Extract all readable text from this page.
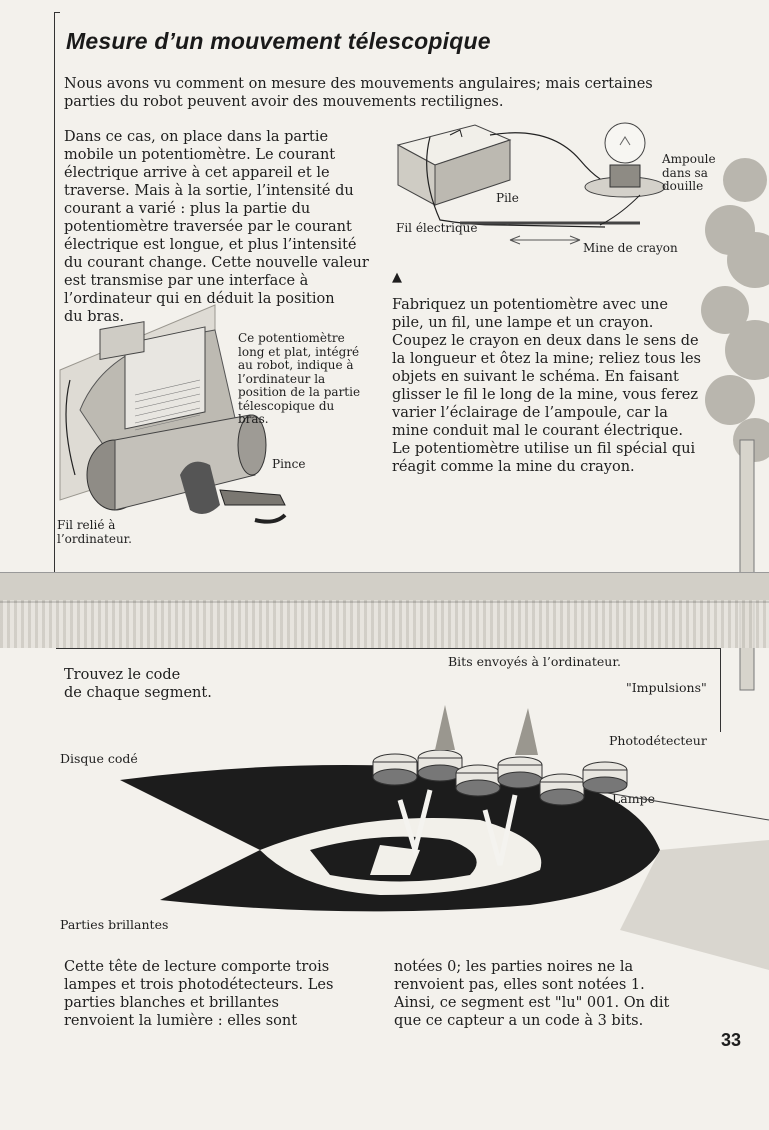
Mesure d’un mouvement télescopique
Nous avons vu comment on mesure des mouvements angulaires; mais certaines
parties du robot peuvent avoir des mouvements rectilignes.
Dans ce cas, on place dans la partie
mobile un potentiomètre. Le courant
électrique arrive à cet appareil et le
traverse. Mais à la sortie, l’intensité du
courant a varié : plus la partie du
potentiomètre traversée par le courant
électrique est longue, et plus l’intensité
du courant change. Cette nouvelle valeur
est transmise par une interface à
l’ordinateur qui en déduit la position
du bras.
Ce potentiomètre
long et plat, intégré
au robot, indique à
l’ordinateur la
position de la partie
télescopique du
bras.
Pince
Fil relié à
l’ordinateur.
Pile
Ampoule
dans sa
douille
Fil électrique
Mine de crayon
▲
Fabriquez un potentiomètre avec une
pile, un fil, une lampe et un crayon.
Coupez le crayon en deux dans le sens de
la longueur et ôtez la mine; reliez tous les
objets en suivant le schéma. En faisant
glisser le fil le long de la mine, vous ferez
varier l’éclairage de l’ampoule, car la
mine conduit mal le courant électrique.
Le potentiomètre utilise un fil spécial qui
réagit comme la mine du crayon.
Trouvez le code
de chaque segment.
Bits envoyés à l’ordinateur.
"Impulsions"
Photodétecteur
Disque codé
Lampe
Parties brillantes
Cette tête de lecture comporte trois
lampes et trois photodétecteurs. Les
parties blanches et brillantes
renvoient la lumière : elles sont
notées 0; les parties noires ne la
renvoient pas, elles sont notées 1.
Ainsi, ce segment est "lu" 001. On dit
que ce capteur a un code à 3 bits.
33
